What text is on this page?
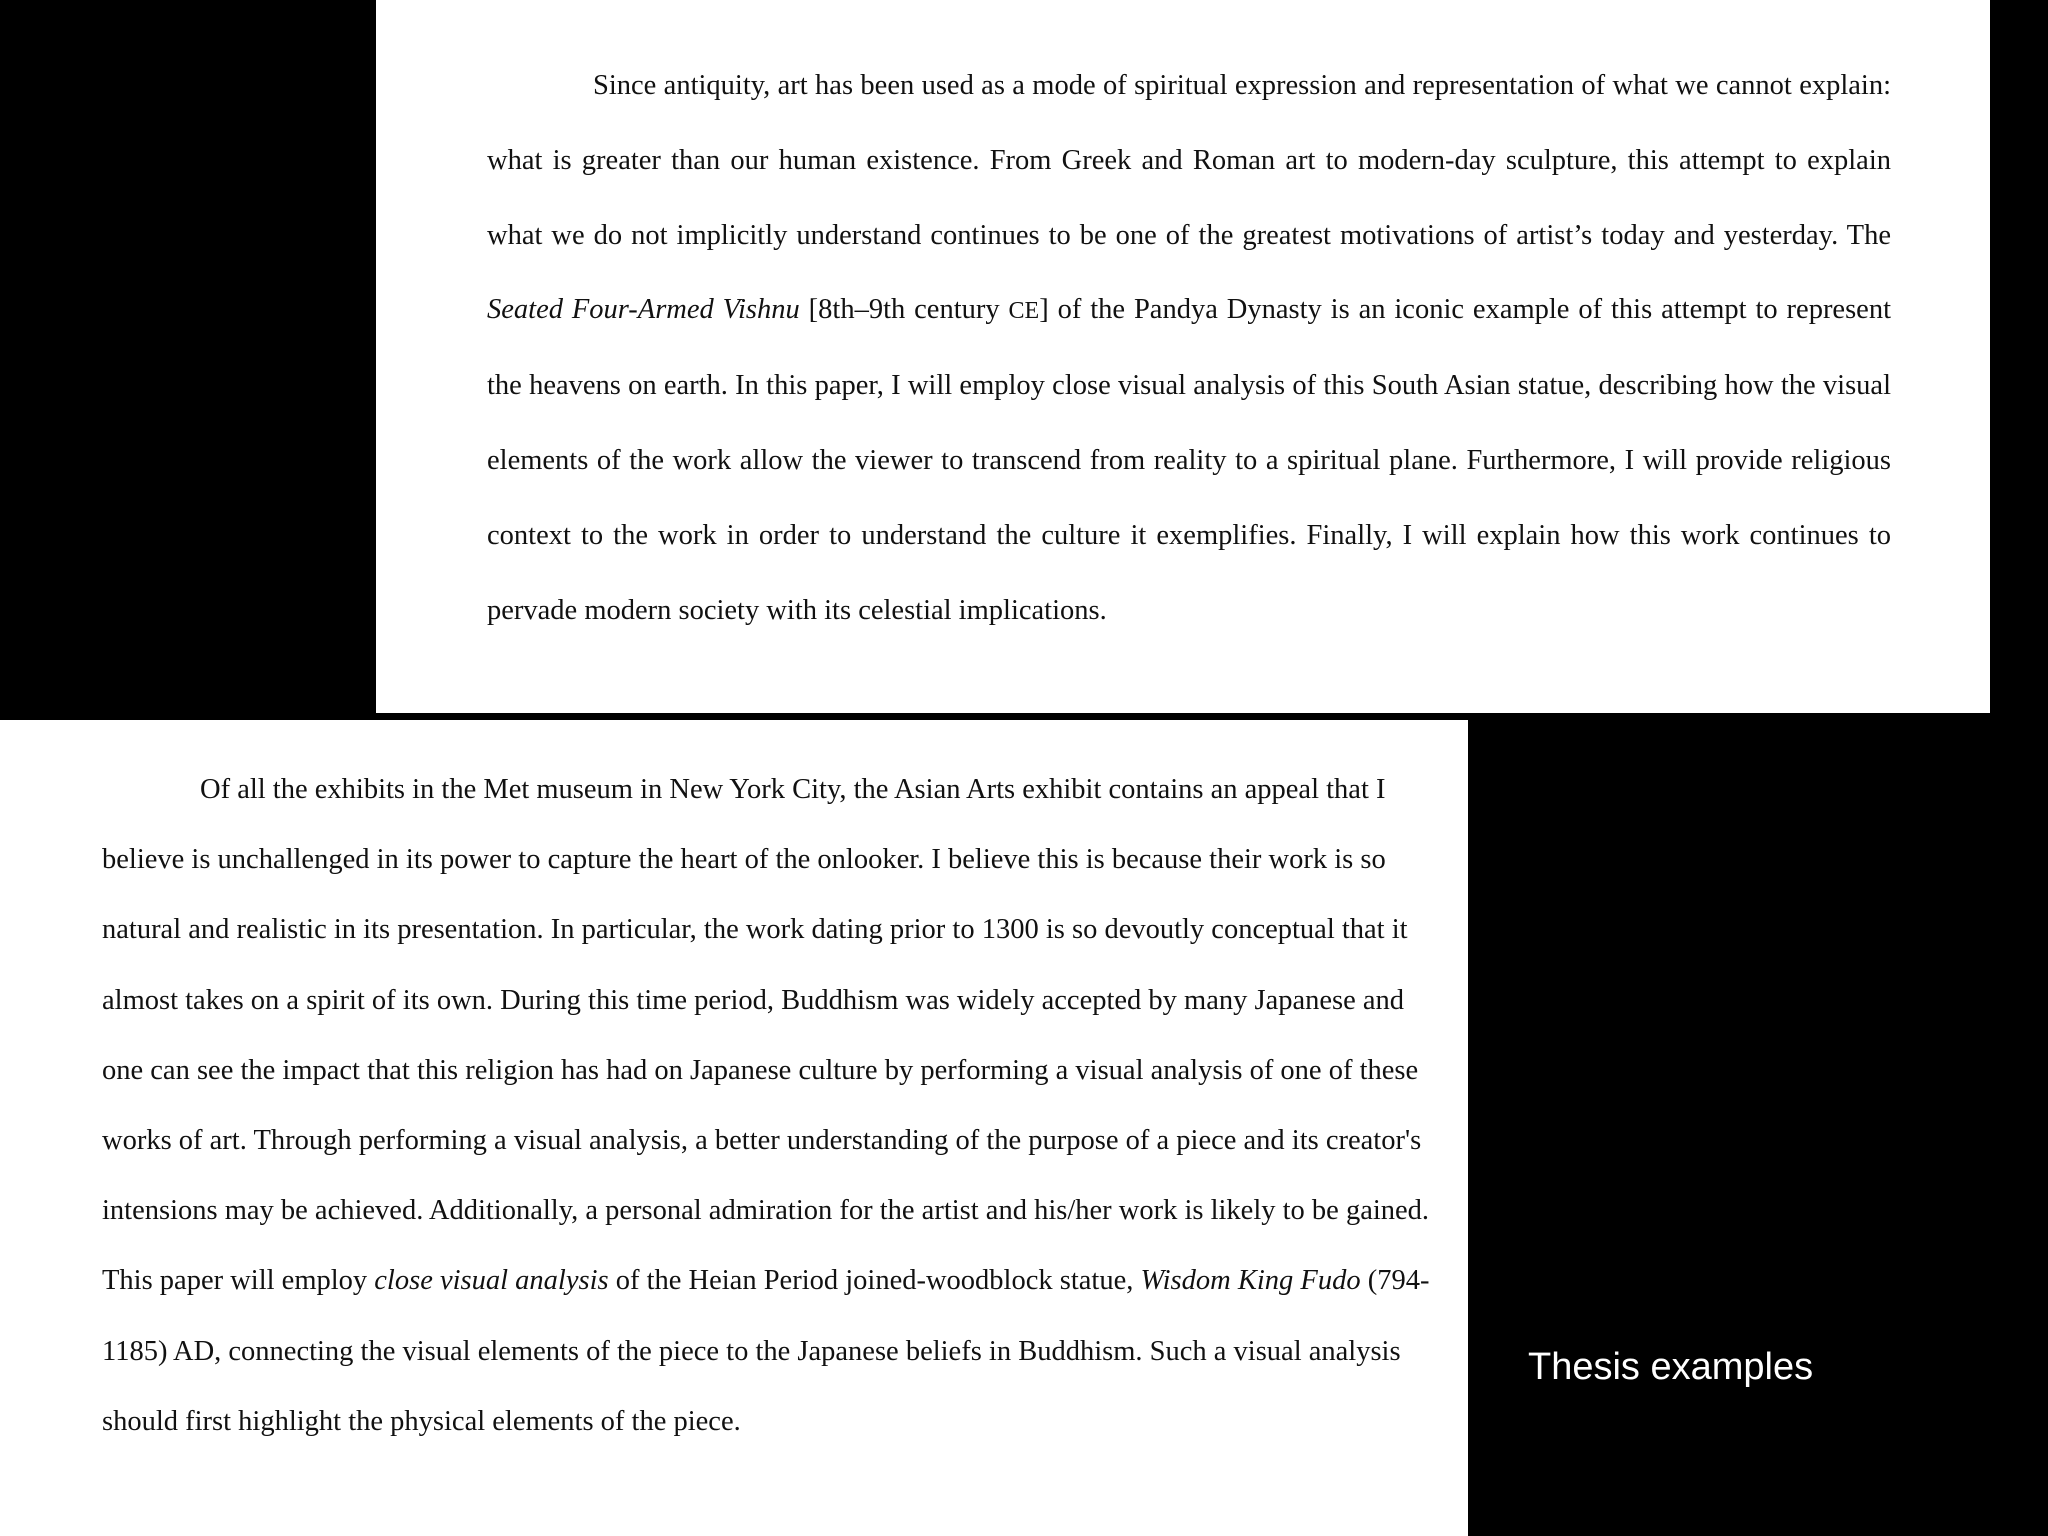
Since antiquity, art has been used as a mode of spiritual expression and representation of what we cannot explain: what is greater than our human existence. From Greek and Roman art to modern-day sculpture, this attempt to explain what we do not implicitly understand continues to be one of the greatest motivations of artist’s today and yesterday. The Seated Four-Armed Vishnu [8th–9th century CE] of the Pandya Dynasty is an iconic example of this attempt to represent the heavens on earth. In this paper, I will employ close visual analysis of this South Asian statue, describing how the visual elements of the work allow the viewer to transcend from reality to a spiritual plane. Furthermore, I will provide religious context to the work in order to understand the culture it exemplifies. Finally, I will explain how this work continues to pervade modern society with its celestial implications.

Of all the exhibits in the Met museum in New York City, the Asian Arts exhibit contains an appeal that I believe is unchallenged in its power to capture the heart of the onlooker. I believe this is because their work is so natural and realistic in its presentation. In particular, the work dating prior to 1300 is so devoutly conceptual that it almost takes on a spirit of its own. During this time period, Buddhism was widely accepted by many Japanese and one can see the impact that this religion has had on Japanese culture by performing a visual analysis of one of these works of art. Through performing a visual analysis, a better understanding of the purpose of a piece and its creator's intensions may be achieved. Additionally, a personal admiration for the artist and his/her work is likely to be gained. This paper will employ close visual analysis of the Heian Period joined-woodblock statue, Wisdom King Fudo (794-1185) AD, connecting the visual elements of the piece to the Japanese beliefs in Buddhism. Such a visual analysis should first highlight the physical elements of the piece.

Thesis examples
